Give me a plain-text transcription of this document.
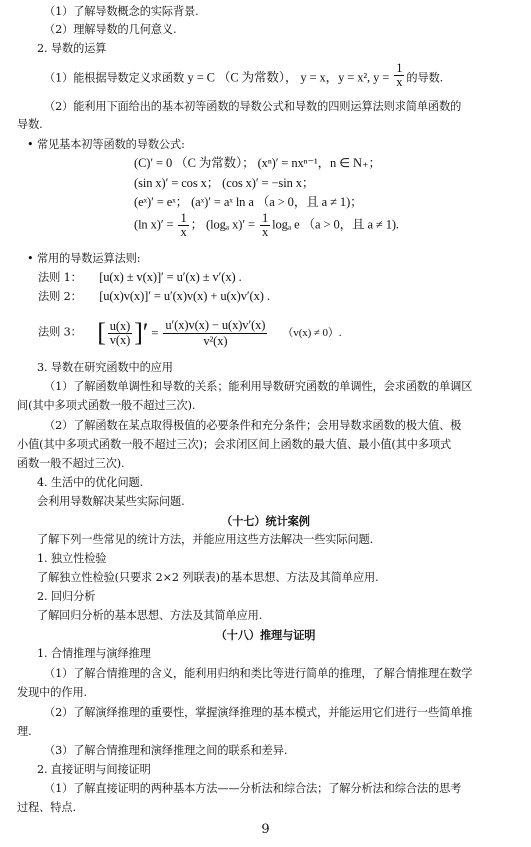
（1）了解导数概念的实际背景.
（2）理解导数的几何意义.
2. 导数的运算
（1）能根据导数定义求函数 y = C （C 为常数）， y = x，y = x², $y = \frac{1}{x}$ 的导数.
（2）能利用下面给出的基本初等函数的导数公式和导数的四则运算法则求简单函数的
导数.
• 常见基本初等函数的导数公式:
(C)′ = 0 （C 为常数）； (xⁿ)′ = nxⁿ⁻¹，n ∈ N₊；
(sin x)′ = cos x； (cos x)′ = −sin x；
(eˣ)′ = eˣ； (aˣ)′ = aˣ ln a （a > 0，且 a ≠ 1)；
(ln $x)' = \frac{1}{x}$ ； (logₐ $x)' = \frac{1}{x}$ logₐ e （a > 0，且 a ≠ 1).
• 常用的导数运算法则:
法则 1： [u(x) ± v(x)]′ = u′(x) ± v′(x) .
法则 2： [u(x)v(x)]′ = u′(x)v(x) + u(x)v′(x) .
法则 3： [ $\frac{u(x)}{v(x)}$ ]′ = $\frac{u'(x)v(x) - u(x)v'(x)}{\text{v²(x)}} (v(x) \ne 0)$.
3. 导数在研究函数中的应用
（1）了解函数单调性和导数的关系；能利用导数研究函数的单调性，会求函数的单调区
间(其中多项式函数一般不超过三次).
（2）了解函数在某点取得极值的必要条件和充分条件；会用导数求函数的极大值、极
小值(其中多项式函数一般不超过三次)；会求闭区间上函数的最大值、最小值(其中多项式
函数一般不超过三次).
4. 生活中的优化问题.
会利用导数解决某些实际问题.
（十七）统计案例
了解下列一些常见的统计方法，并能应用这些方法解决一些实际问题.
1. 独立性检验
了解独立性检验(只要求 2×2 列联表)的基本思想、方法及其简单应用.
2. 回归分析
了解回归分析的基本思想、方法及其简单应用.
（十八）推理与证明
1. 合情推理与演绎推理
（1）了解合情推理的含义，能利用归纳和类比等进行简单的推理，了解合情推理在数学
发现中的作用.
（2）了解演绎推理的重要性，掌握演绎推理的基本模式，并能运用它们进行一些简单推
理.
（3）了解合情推理和演绎推理之间的联系和差异.
2. 直接证明与间接证明
（1）了解直接证明的两种基本方法——分析法和综合法；了解分析法和综合法的思考
过程、特点.
9
